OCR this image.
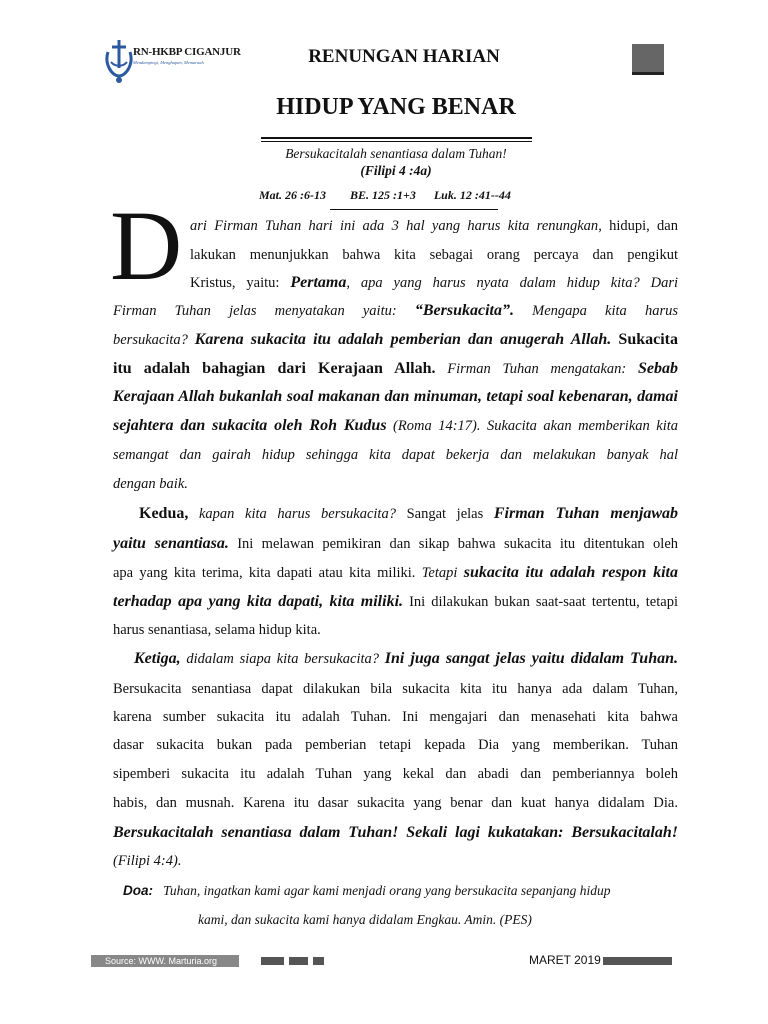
RN-HKBP CIGANJUR
Mendampingi, Menghapan, Memaruah	RENUNGAN HARIAN
HIDUP YANG BENAR
Bersukacitalah senantiasa dalam Tuhan!
(Filipi 4 :4a)
Mat. 26 :6-13        BE. 125 :1+3      Luk. 12 :41--44
D ari Firman Tuhan hari ini ada 3 hal yang harus kita renungkan, hidupi, dan
lakukan menunjukkan bahwa kita sebagai orang percaya dan pengikut
Kristus, yaitu: Pertama, apa yang harus nyata dalam hidup kita? Dari
Firman Tuhan jelas menyatakan yaitu: “Bersukacita”. Mengapa kita harus
bersukacita? Karena sukacita itu adalah pemberian dan anugerah Allah. Sukacita
itu adalah bahagian dari Kerajaan Allah. Firman Tuhan mengatakan: Sebab
Kerajaan Allah bukanlah soal makanan dan minuman, tetapi soal kebenaran, damai
sejahtera dan sukacita oleh Roh Kudus (Roma 14:17). Sukacita akan memberikan kita
semangat dan gairah hidup sehingga kita dapat bekerja dan melakukan banyak hal
dengan baik.
Kedua, kapan kita harus bersukacita? Sangat jelas Firman Tuhan menjawab
yaitu senantiasa. Ini melawan pemikiran dan sikap bahwa sukacita itu ditentukan oleh
apa yang kita terima, kita dapati atau kita miliki. Tetapi sukacita itu adalah respon kita
terhadap apa yang kita dapati, kita miliki. Ini dilakukan bukan saat-saat tertentu, tetapi
harus senantiasa, selama hidup kita.
Ketiga, didalam siapa kita bersukacita? Ini juga sangat jelas yaitu didalam Tuhan.
Bersukacita senantiasa dapat dilakukan bila sukacita kita itu hanya ada dalam Tuhan,
karena sumber sukacita itu adalah Tuhan. Ini mengajari dan menasehati kita bahwa
dasar sukacita bukan pada pemberian tetapi kepada Dia yang memberikan. Tuhan
sipemberi sukacita itu adalah Tuhan yang kekal dan abadi dan pemberiannya boleh
habis, dan musnah. Karena itu dasar sukacita yang benar dan kuat hanya didalam Dia.
Bersukacitalah senantiasa dalam Tuhan! Sekali lagi kukatakan: Bersukacitalah!
(Filipi 4:4).
Doa: Tuhan, ingatkan kami agar kami menjadi orang yang bersukacita sepanjang hidup
kami, dan sukacita kami hanya didalam Engkau. Amin. (PES)
Source: WWW. Marturia.org	MARET 2019
